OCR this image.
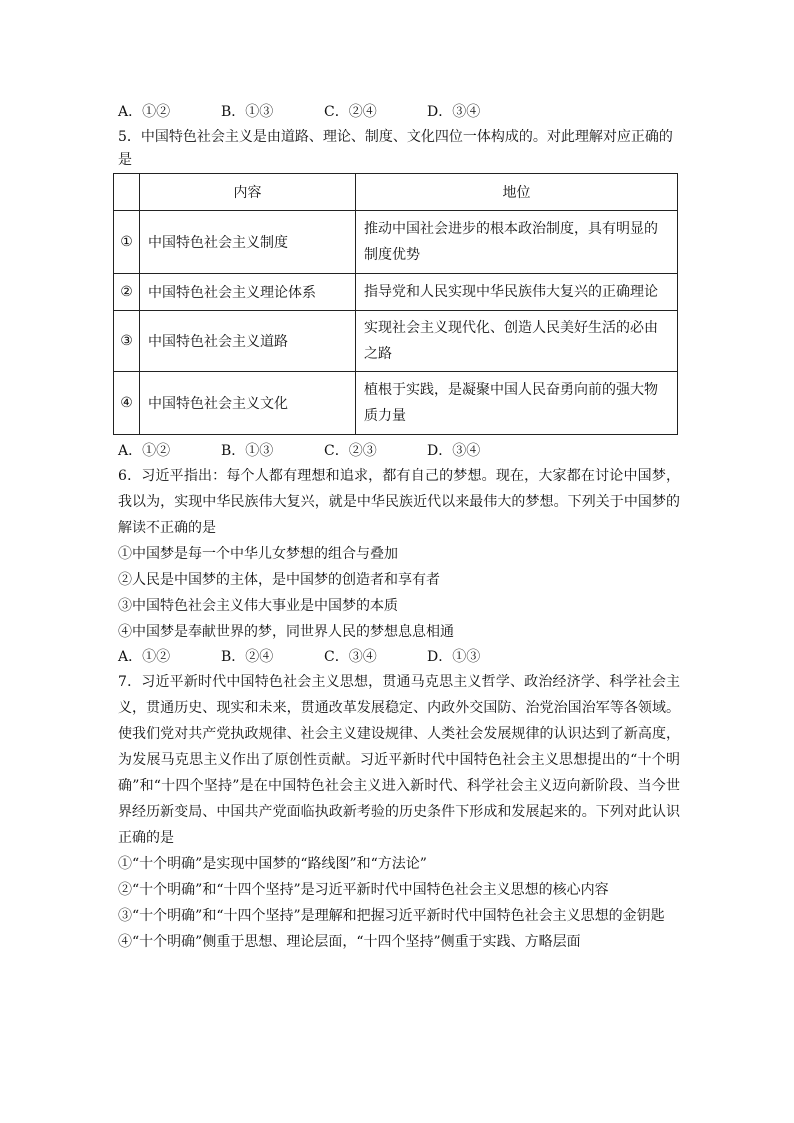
A．①②	B．①③	C．②④	D．③④
5．中国特色社会主义是由道路、理论、制度、文化四位一体构成的。对此理解对应正确的
是
	内容	地位
①	中国特色社会主义制度	推动中国社会进步的根本政治制度，具有明显的制度优势
②	中国特色社会主义理论体系	指导党和人民实现中华民族伟大复兴的正确理论
③	中国特色社会主义道路	实现社会主义现代化、创造人民美好生活的必由之路
④	中国特色社会主义文化	植根于实践，是凝聚中国人民奋勇向前的强大物质力量
A．①②	B．①③	C．②③	D．③④
6．习近平指出：每个人都有理想和追求，都有自己的梦想。现在，大家都在讨论中国梦，我以为，实现中华民族伟大复兴，就是中华民族近代以来最伟大的梦想。下列关于中国梦的解读不正确的是
①中国梦是每一个中华儿女梦想的组合与叠加
②人民是中国梦的主体，是中国梦的创造者和享有者
③中国特色社会主义伟大事业是中国梦的本质
④中国梦是奉献世界的梦，同世界人民的梦想息息相通
A．①②	B．②④	C．③④	D．①③
7．习近平新时代中国特色社会主义思想，贯通马克思主义哲学、政治经济学、科学社会主义，贯通历史、现实和未来，贯通改革发展稳定、内政外交国防、治党治国治军等各领域。使我们党对共产党执政规律、社会主义建设规律、人类社会发展规律的认识达到了新高度，为发展马克思主义作出了原创性贡献。习近平新时代中国特色社会主义思想提出的“十个明确”和“十四个坚持”是在中国特色社会主义进入新时代、科学社会主义迈向新阶段、当今世界经历新变局、中国共产党面临执政新考验的历史条件下形成和发展起来的。下列对此认识正确的是
①“十个明确”是实现中国梦的“路线图”和“方法论”
②“十个明确”和“十四个坚持”是习近平新时代中国特色社会主义思想的核心内容
③“十个明确”和“十四个坚持”是理解和把握习近平新时代中国特色社会主义思想的金钥匙
④“十个明确”侧重于思想、理论层面，“十四个坚持”侧重于实践、方略层面
